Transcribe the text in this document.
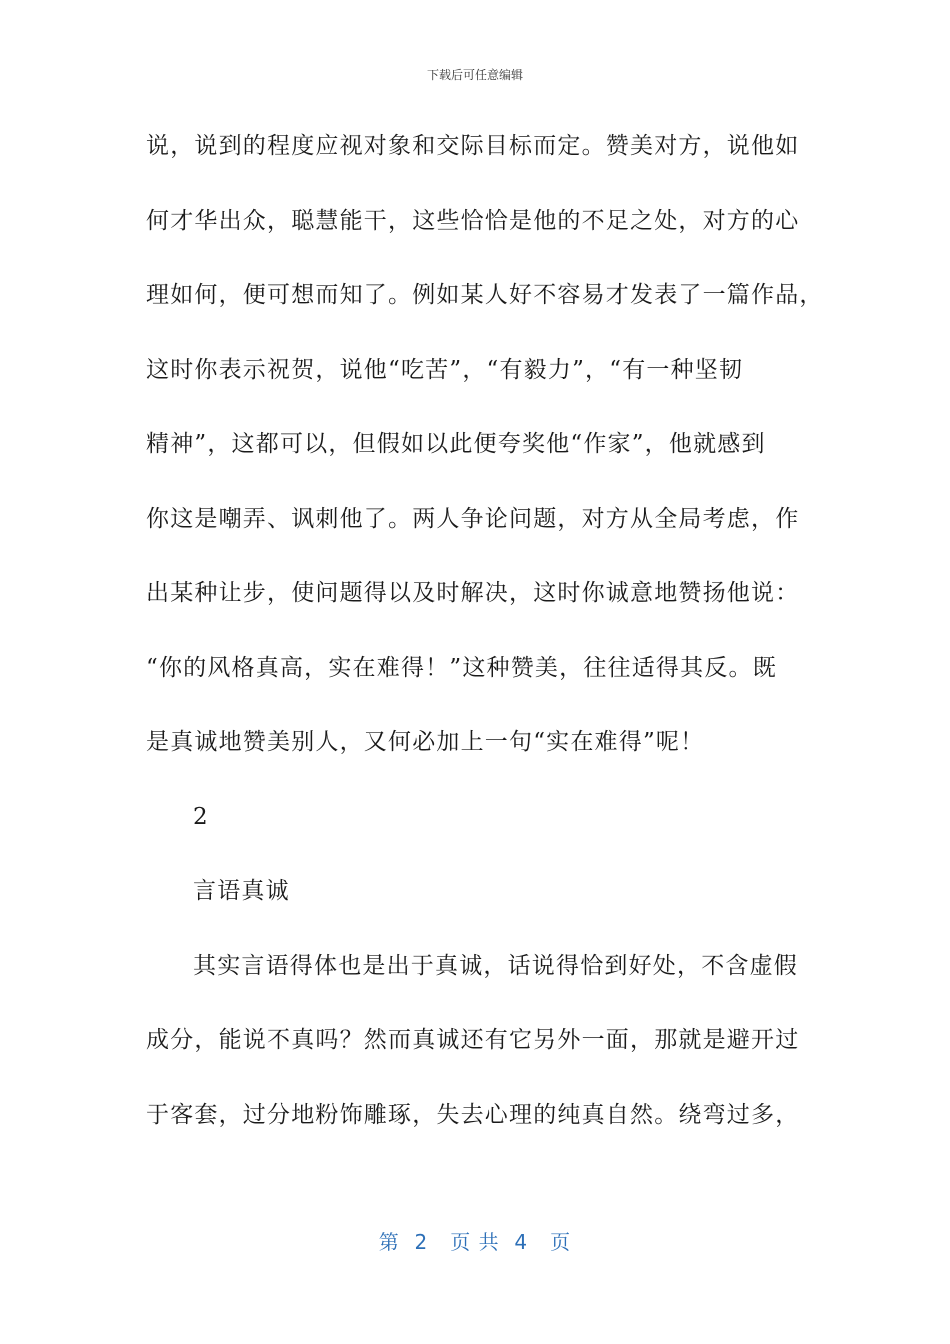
下载后可任意编辑
说，说到的程度应视对象和交际目标而定。赞美对方，说他如
何才华出众，聪慧能干，这些恰恰是他的不足之处，对方的心
理如何，便可想而知了。例如某人好不容易才发表了一篇作品，
这时你表示祝贺，说他“吃苦”，“有毅力”，“有一种坚韧
精神”，这都可以，但假如以此便夸奖他“作家”，他就感到
你这是嘲弄、讽刺他了。两人争论问题，对方从全局考虑，作
出某种让步，使问题得以及时解决，这时你诚意地赞扬他说：
“你的风格真高，实在难得！”这种赞美，往往适得其反。既
是真诚地赞美别人，又何必加上一句“实在难得”呢！
2
言语真诚
其实言语得体也是出于真诚，话说得恰到好处，不含虚假
成分，能说不真吗？然而真诚还有它另外一面，那就是避开过
于客套，过分地粉饰雕琢，失去心理的纯真自然。绕弯过多，
第  2   页 共  4   页
